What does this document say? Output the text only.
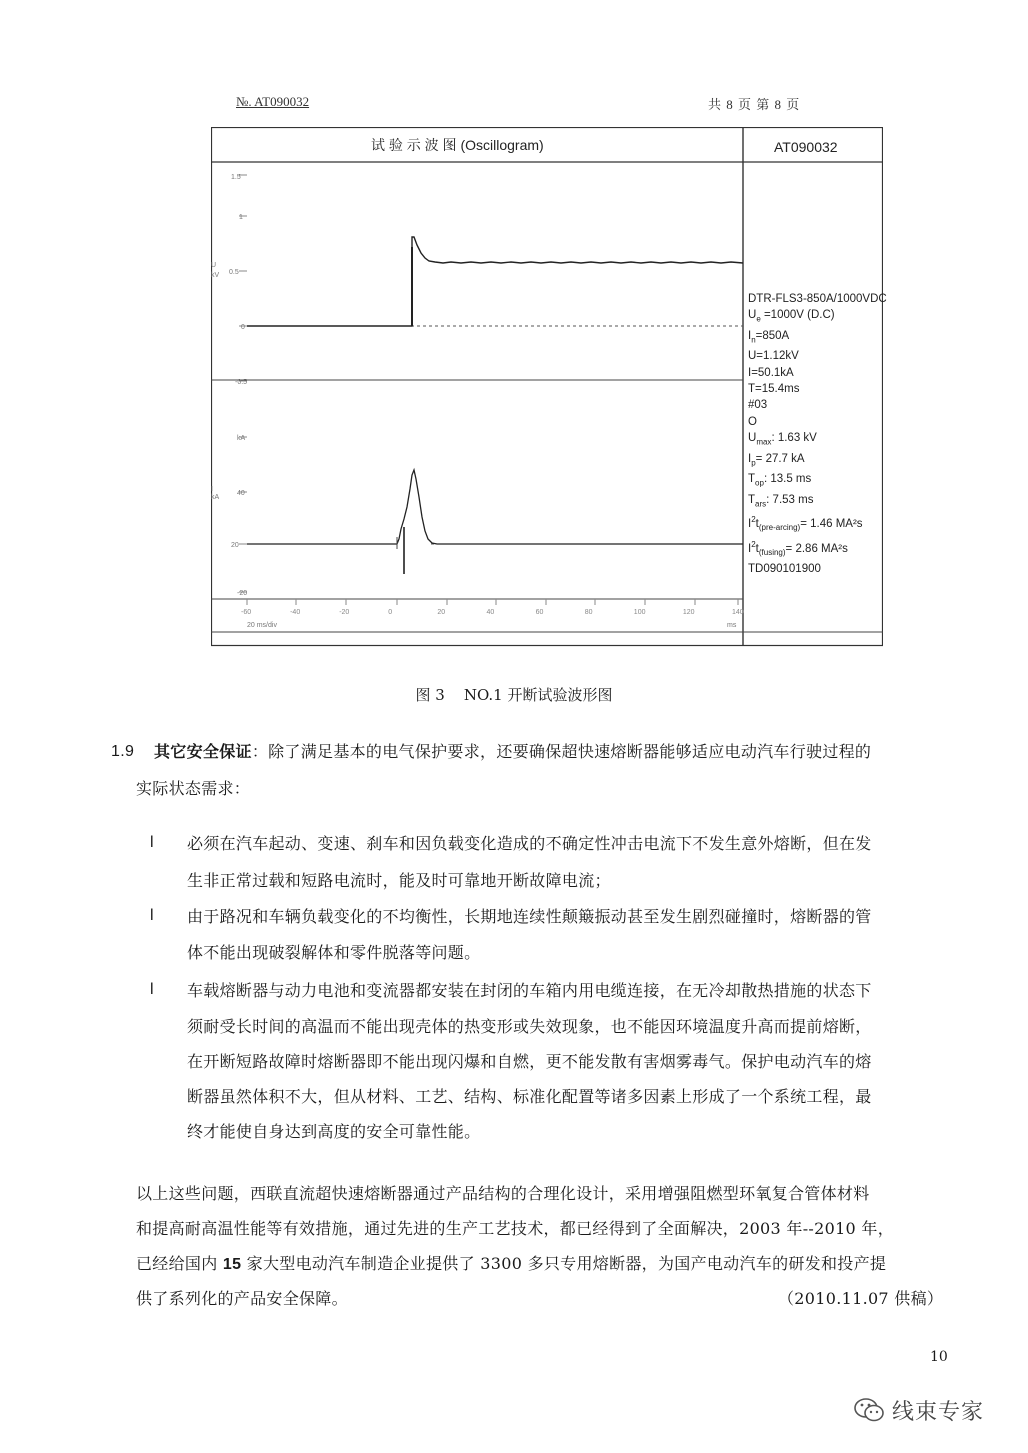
№. AT090032	共 8 页 第 8 页
1.5
1
0.5
0
-0.5
kA
40
20
-20
U
kV
I
kA
-60	-40	-20	0	20	40	60	80	100	120	140
试 验 示 波 图 (Oscillogram)	AT090032
20 ms/div	ms
DTR-FLS3-850A/1000VDC
$U_e =1000V$ (D.C)
$I_n=850A$
U=1.12kV
I=50.1kA
T=15.4ms
#03
O
$U_{max}$: 1.63 kV
$I_p= 27.7$ kA
$T_{op}$: 13.5 ms
$T_{ars}$: 7.53 ms
$I^2t_{(pre-arcing)}= 1.46$ MA²s
$I^2t_{(fusing)}= 2.86$ MA²s
TD090101900
图 3    NO.1 开断试验波形图
1.9 其它安全保证：除了满足基本的电气保护要求，还要确保超快速熔断器能够适应电动汽车行驶过程的
实际状态需求：
l 必须在汽车起动、变速、刹车和因负载变化造成的不确定性冲击电流下不发生意外熔断，但在发
生非正常过载和短路电流时，能及时可靠地开断故障电流；
l 由于路况和车辆负载变化的不均衡性，长期地连续性颠簸振动甚至发生剧烈碰撞时，熔断器的管
体不能出现破裂解体和零件脱落等问题。
l 车载熔断器与动力电池和变流器都安装在封闭的车箱内用电缆连接，在无冷却散热措施的状态下
须耐受长时间的高温而不能出现壳体的热变形或失效现象，也不能因环境温度升高而提前熔断，
在开断短路故障时熔断器即不能出现闪爆和自燃，更不能发散有害烟雾毒气。保护电动汽车的熔
断器虽然体积不大，但从材料、工艺、结构、标准化配置等诸多因素上形成了一个系统工程，最
终才能使自身达到高度的安全可靠性能。
以上这些问题，西联直流超快速熔断器通过产品结构的合理化设计，采用增强阻燃型环氧复合管体材料
和提高耐高温性能等有效措施，通过先进的生产工艺技术，都已经得到了全面解决，2003 年--2010 年，
已经给国内 15 家大型电动汽车制造企业提供了 3300 多只专用熔断器，为国产电动汽车的研发和投产提
供了系列化的产品安全保障。	（2010.11.07 供稿）
10
线束专家
